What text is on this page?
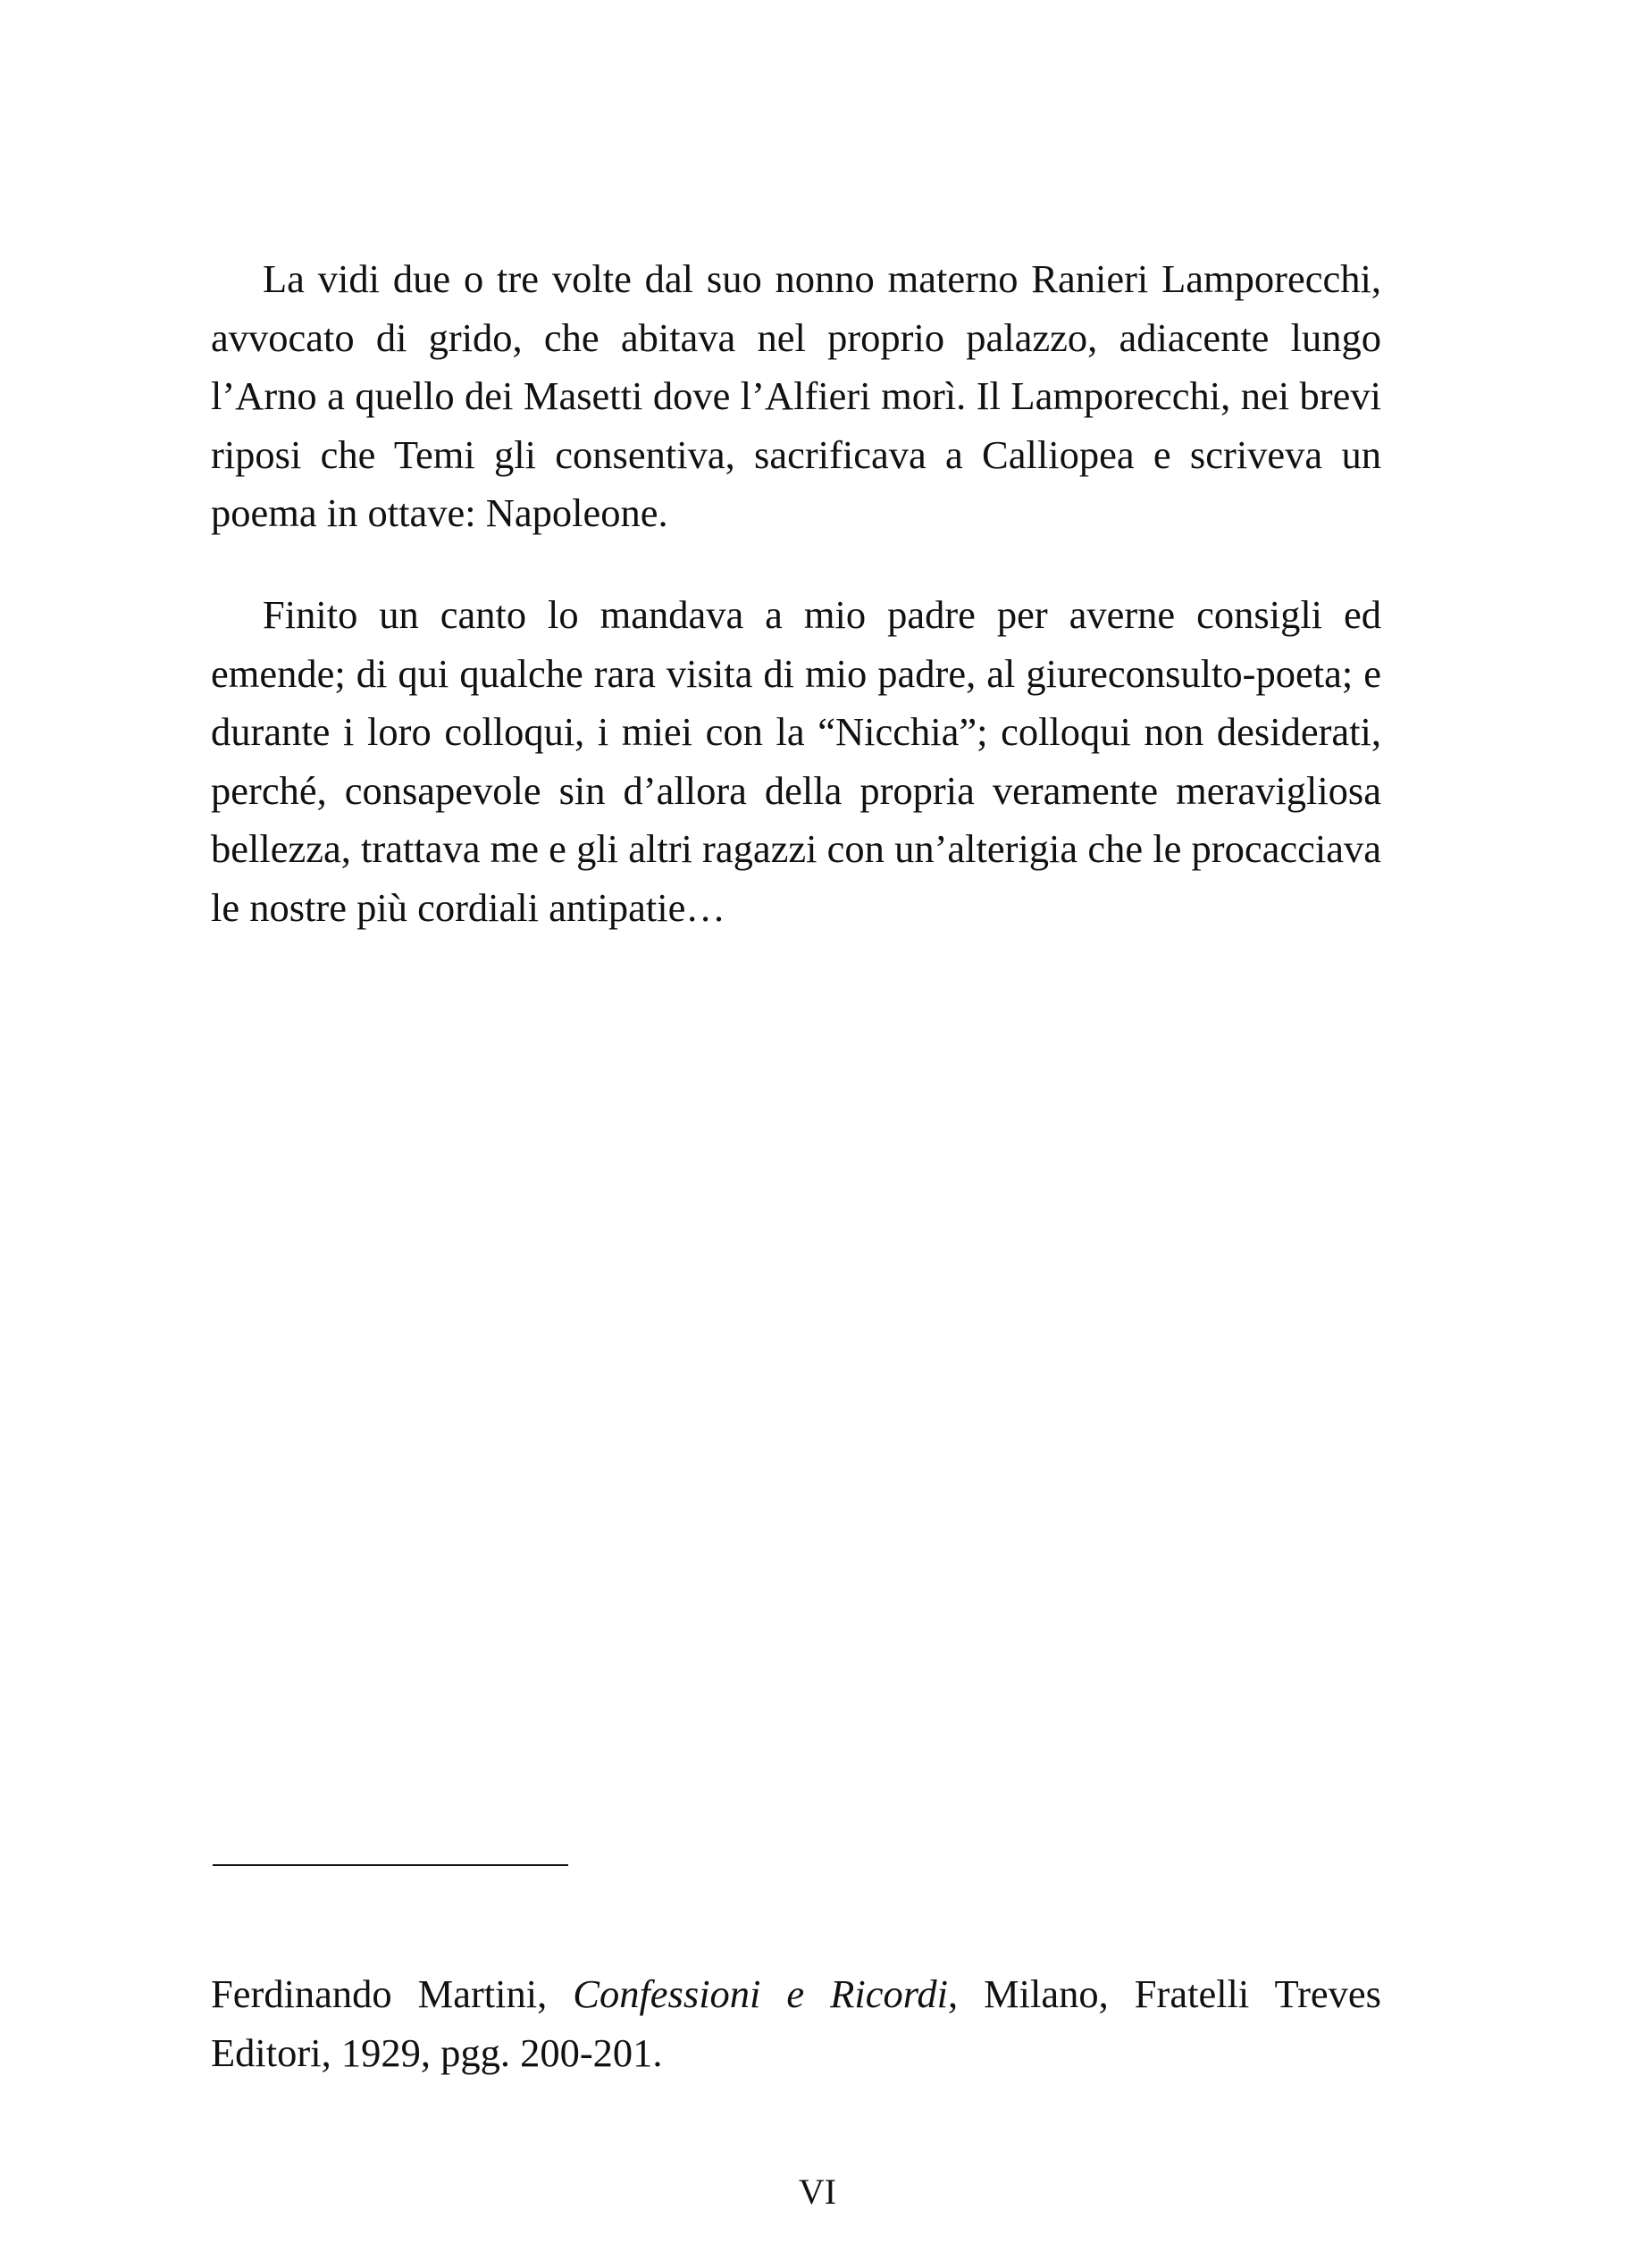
La vidi due o tre volte dal suo nonno materno Ranieri Lamporecchi, avvocato di grido, che abitava nel proprio palazzo, adiacente lungo l’Arno a quello dei Masetti dove l’Alfieri morì. Il Lamporecchi, nei brevi riposi che Temi gli consentiva, sacrificava a Calliopea e scriveva un poema in ottave: Napoleone.

Finito un canto lo mandava a mio padre per averne consigli ed emende; di qui qualche rara visita di mio padre, al giureconsulto-poeta; e durante i loro colloqui, i miei con la “Nicchia”; colloqui non desiderati, perché, consapevole sin d’allora della propria veramente meravigliosa bellezza, trattava me e gli altri ragazzi con un’alterigia che le procacciava le nostre più cordiali antipatie…

Ferdinando Martini, Confessioni e Ricordi, Milano, Fratelli Treves Editori, 1929, pgg. 200-201.

VI
